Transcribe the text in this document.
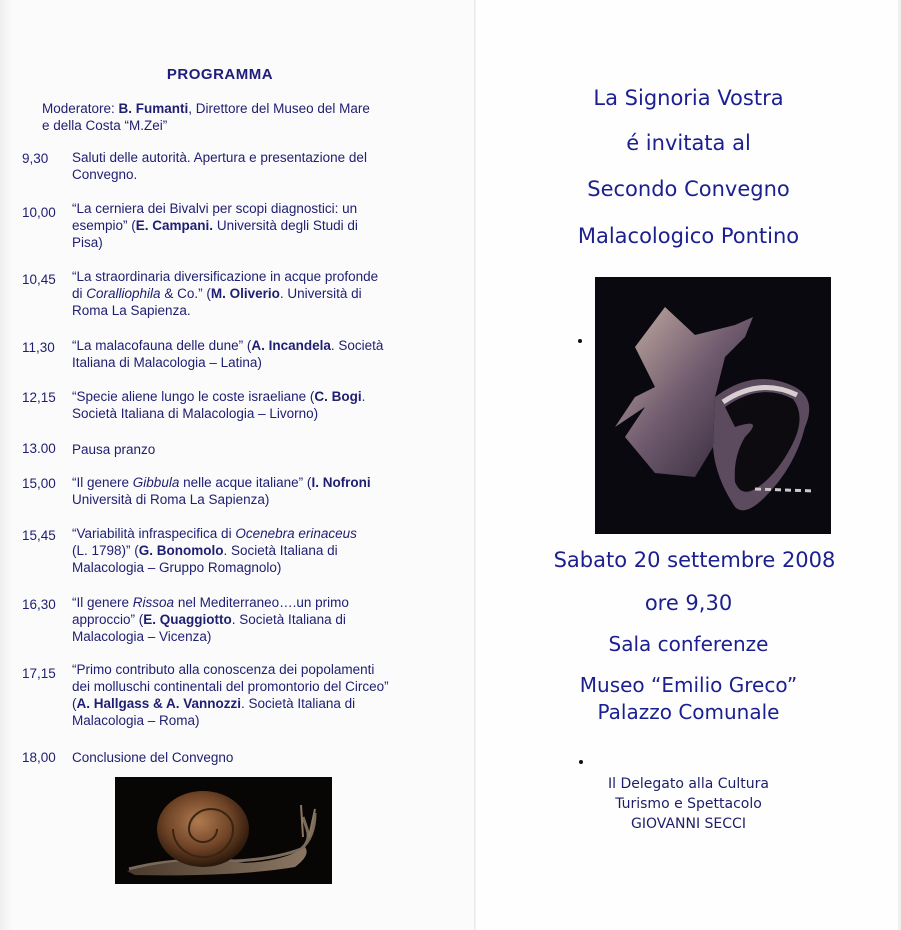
PROGRAMMA
Moderatore: B. Fumanti, Direttore del Museo del Mare
e della Costa “M.Zei”
9,30	Saluti delle autorità. Apertura e presentazione del
Convegno.
10,00	“La cerniera dei Bivalvi per scopi diagnostici: un
esempio” (E. Campani. Università degli Studi di
Pisa)
10,45	“La straordinaria diversificazione in acque profonde
di Coralliophila & Co.” (M. Oliverio. Università di
Roma La Sapienza.
11,30	“La malacofauna delle dune” (A. Incandela. Società
Italiana di Malacologia – Latina)
12,15	“Specie aliene lungo le coste israeliane (C. Bogi.
Società Italiana di Malacologia – Livorno)
13.00	Pausa pranzo
15,00	“Il genere Gibbula nelle acque italiane” (I. Nofroni
Università di Roma La Sapienza)
15,45	“Variabilità infraspecifica di Ocenebra erinaceus
(L. 1798)” (G. Bonomolo. Società Italiana di
Malacologia – Gruppo Romagnolo)
16,30	“Il genere Rissoa nel Mediterraneo….un primo
approccio” (E. Quaggiotto. Società Italiana di
Malacologia – Vicenza)
17,15	“Primo contributo alla conoscenza dei popolamenti
dei molluschi continentali del promontorio del Circeo”
(A. Hallgass & A. Vannozzi. Società Italiana di
Malacologia – Roma)
18,00	Conclusione del Convegno
La Signoria Vostra
é invitata al
Secondo Convegno
Malacologico Pontino
Sabato 20 settembre 2008
ore 9,30
Sala conferenze
Museo “Emilio Greco”
Palazzo Comunale
Il Delegato alla Cultura
Turismo e Spettacolo
GIOVANNI SECCI
